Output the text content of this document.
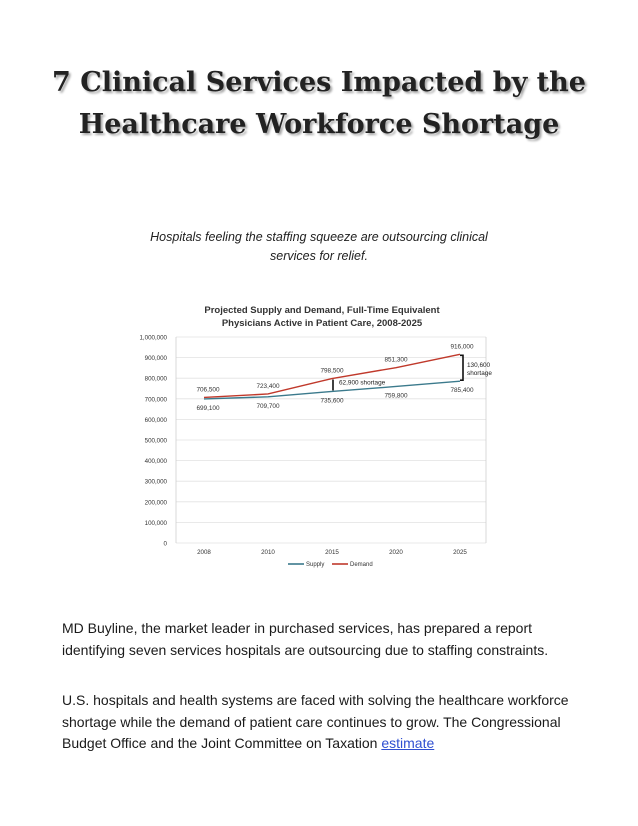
7 Clinical Services Impacted by the Healthcare Workforce Shortage
Hospitals feeling the staffing squeeze are outsourcing clinical services for relief.
Projected Supply and Demand, Full-Time Equivalent
Physicians Active in Patient Care, 2008-2025
0
100,000
200,000
300,000
400,000
500,000
600,000
700,000
800,000
900,000
1,000,000
2008	2010	2015	2020	2025
699,100	709,700
735,600
759,800
785,400
706,500	723,400
798,500
851,300
916,000
62,900 shortage
130,600
shortage
Supply	Demand
MD Buyline, the market leader in purchased services, has prepared a report identifying seven services hospitals are outsourcing due to staffing constraints.
U.S. hospitals and health systems are faced with solving the healthcare workforce shortage while the demand of patient care continues to grow. The Congressional Budget Office and the Joint Committee on Taxation estimate
